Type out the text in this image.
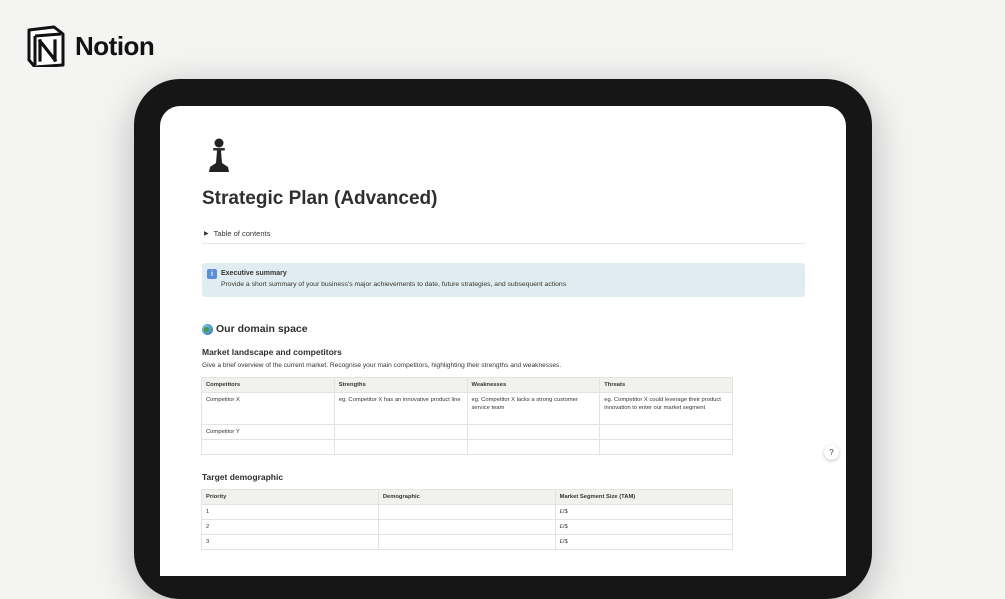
Notion
Strategic Plan (Advanced)
▶ Table of contents
i	Executive summary
Provide a short summary of your business's major achievements to date, future strategies, and subsequent actions
Our domain space
Market landscape and competitors
Give a brief overview of the current market. Recognise your main competitors, highlighting their strengths and weaknesses.
Competitors	Strengths	Weaknesses	Threats
Competitor X	eg. Competitor X has an innovative product line	eg. Competitor X lacks a strong customer service team	eg. Competitor X could leverage their product innovation to enter our market segment
Competitor Y			

Target demographic
Priority	Demographic	Market Segment Size (TAM)
1		£/$
2		£/$
3		£/$
?
